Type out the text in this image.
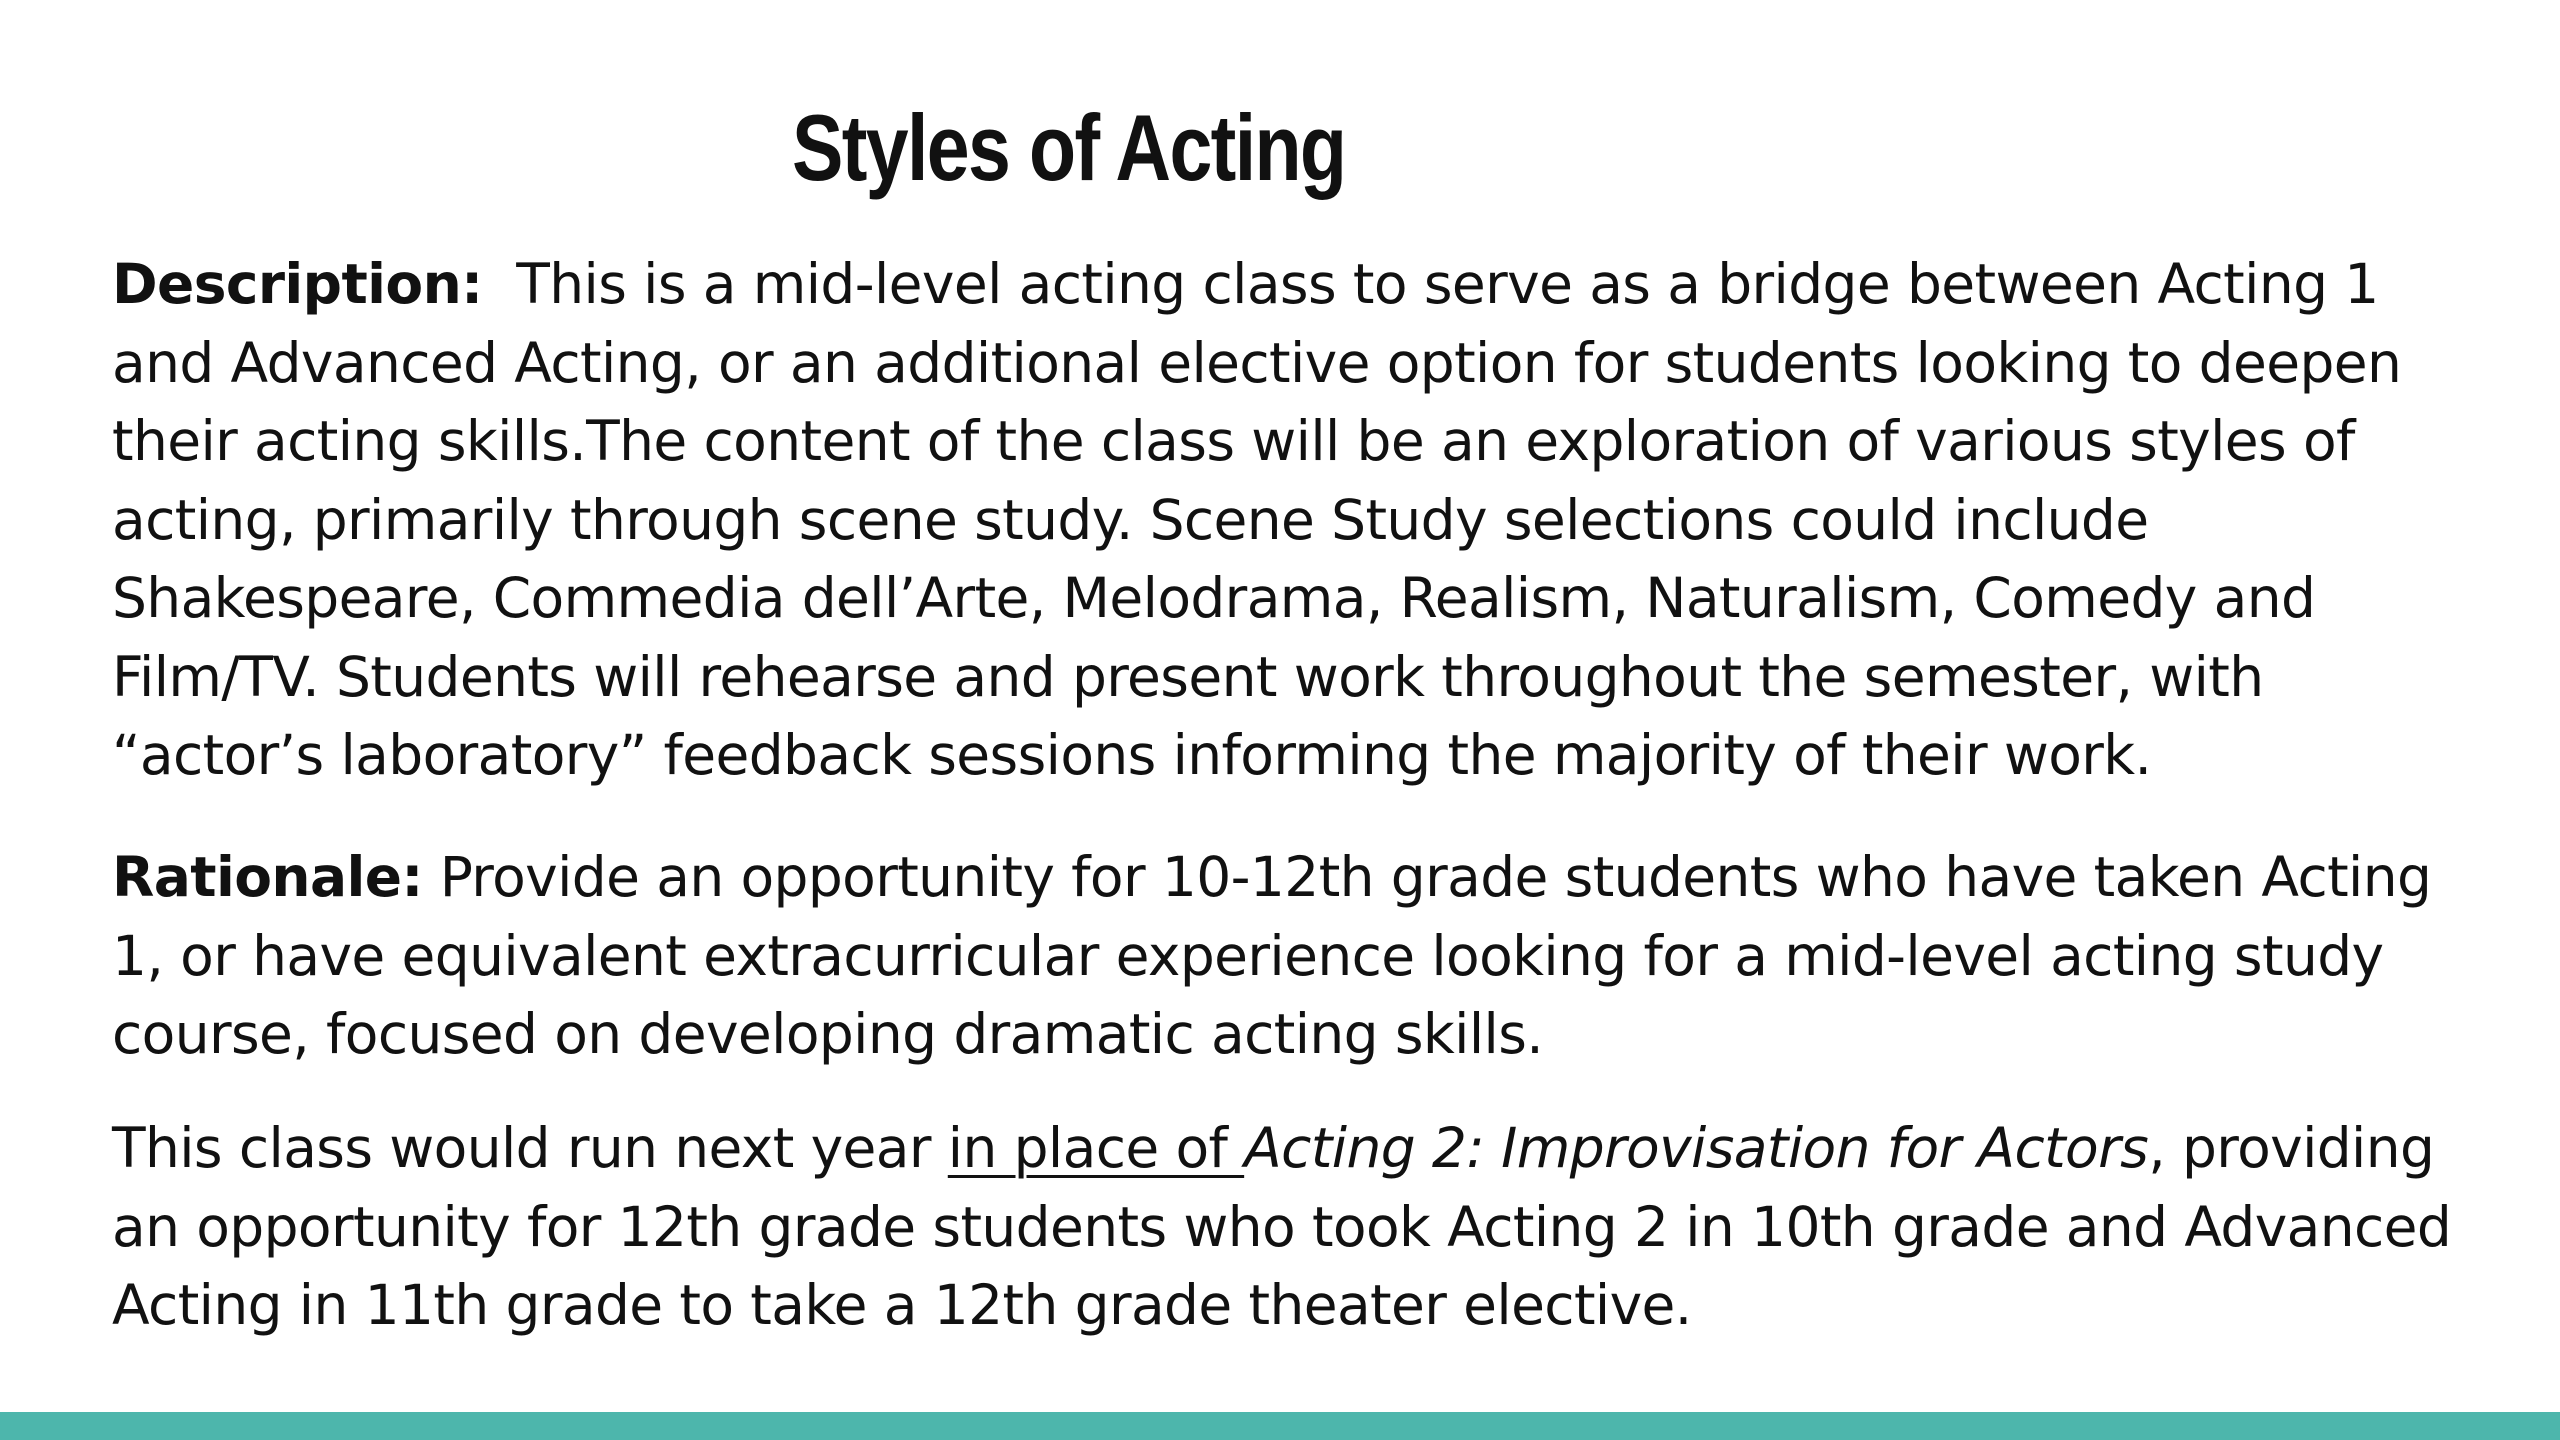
Styles of Acting

Description:  This is a mid-level acting class to serve as a bridge between Acting 1 and Advanced Acting, or an additional elective option for students looking to deepen their acting skills.The content of the class will be an exploration of various styles of acting, primarily through scene study. Scene Study selections could include Shakespeare, Commedia dell’Arte, Melodrama, Realism, Naturalism, Comedy and Film/TV. Students will rehearse and present work throughout the semester, with “actor’s laboratory” feedback sessions informing the majority of their work.

Rationale: Provide an opportunity for 10-12th grade students who have taken Acting 1, or have equivalent extracurricular experience looking for a mid-level acting study course, focused on developing dramatic acting skills.

This class would run next year in place of Acting 2: Improvisation for Actors, providing an opportunity for 12th grade students who took Acting 2 in 10th grade and Advanced Acting in 11th grade to take a 12th grade theater elective.
